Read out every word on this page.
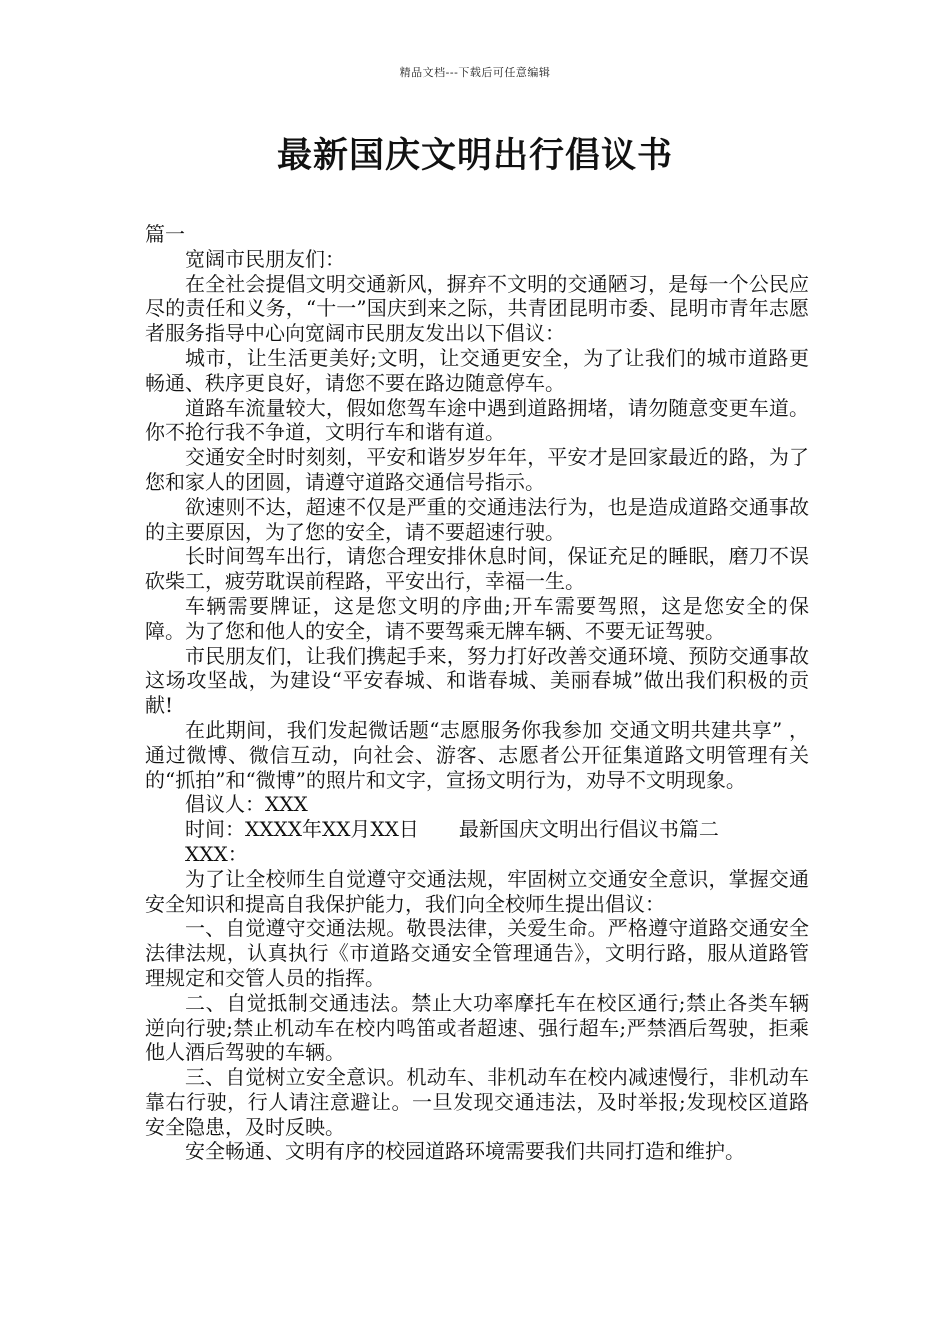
精品文档---下载后可任意编辑
最新国庆文明出行倡议书

篇一

宽阔市民朋友们：

在全社会提倡文明交通新风，摒弃不文明的交通陋习，是每一个公民应尽的责任和义务，“十一”国庆到来之际，共青团昆明市委、昆明市青年志愿者服务指导中心向宽阔市民朋友发出以下倡议：

城市，让生活更美好;文明，让交通更安全，为了让我们的城市道路更畅通、秩序更良好，请您不要在路边随意停车。

道路车流量较大，假如您驾车途中遇到道路拥堵，请勿随意变更车道。你不抢行我不争道，文明行车和谐有道。

交通安全时时刻刻，平安和谐岁岁年年，平安才是回家最近的路，为了您和家人的团圆，请遵守道路交通信号指示。

欲速则不达，超速不仅是严重的交通违法行为，也是造成道路交通事故的主要原因，为了您的安全，请不要超速行驶。

长时间驾车出行，请您合理安排休息时间，保证充足的睡眠，磨刀不误砍柴工，疲劳耽误前程路，平安出行，幸福一生。

车辆需要牌证，这是您文明的序曲;开车需要驾照，这是您安全的保障。为了您和他人的安全，请不要驾乘无牌车辆、不要无证驾驶。

市民朋友们，让我们携起手来，努力打好改善交通环境、预防交通事故这场攻坚战，为建设“平安春城、和谐春城、美丽春城”做出我们积极的贡献!

在此期间，我们发起微话题“志愿服务你我参加 交通文明共建共享” ，通过微博、微信互动，向社会、游客、志愿者公开征集道路文明管理有关的“抓拍”和“微博”的照片和文字，宣扬文明行为，劝导不文明现象。

倡议人：XXX

时间：XXXX年XX月XX日　　最新国庆文明出行倡议书篇二

XXX：

为了让全校师生自觉遵守交通法规，牢固树立交通安全意识，掌握交通安全知识和提高自我保护能力，我们向全校师生提出倡议：

一、自觉遵守交通法规。敬畏法律，关爱生命。严格遵守道路交通安全法律法规，认真执行《市道路交通安全管理通告》，文明行路，服从道路管理规定和交管人员的指挥。

二、自觉抵制交通违法。禁止大功率摩托车在校区通行;禁止各类车辆逆向行驶;禁止机动车在校内鸣笛或者超速、强行超车;严禁酒后驾驶，拒乘他人酒后驾驶的车辆。

三、自觉树立安全意识。机动车、非机动车在校内减速慢行，非机动车靠右行驶，行人请注意避让。一旦发现交通违法，及时举报;发现校区道路安全隐患，及时反映。

安全畅通、文明有序的校园道路环境需要我们共同打造和维护。
